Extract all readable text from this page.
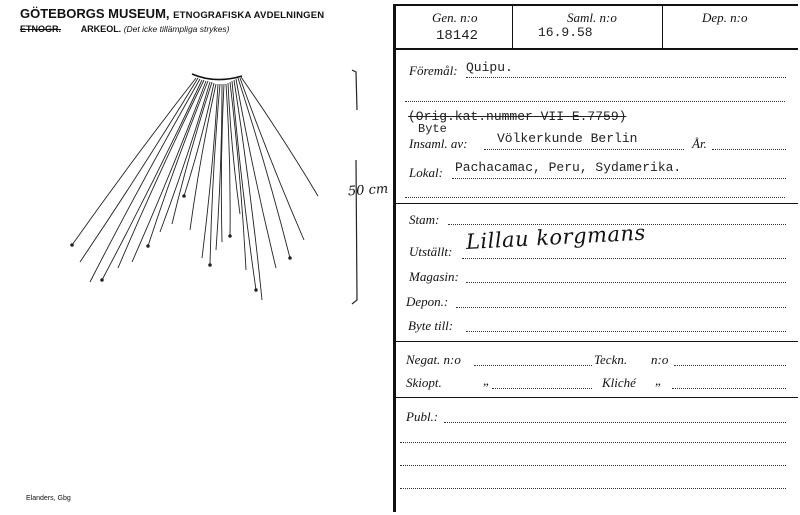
GÖTEBORGS MUSEUM, ETNOGRAFISKA AVDELNINGEN
ETNOGR. ARKEOL. (Det icke tillämpliga strykes)
50 cm
Gen. n:o
18142
Saml. n:o
16.9.58
Dep. n:o
Föremål: Quipu.
(Orig.kat.nummer VII E.7759)
Byte
Insaml. av: Völkerkunde Berlin	År.
Lokal: Pachacamac, Peru, Sydamerika.
Stam:
Utställt: Lillau korgmans
Magasin:
Depon.:
Byte till:
Negat. n:o	Teckn. n:o
Skiopt.	„	Kliché „
Publ.:
Elanders, Gbg
